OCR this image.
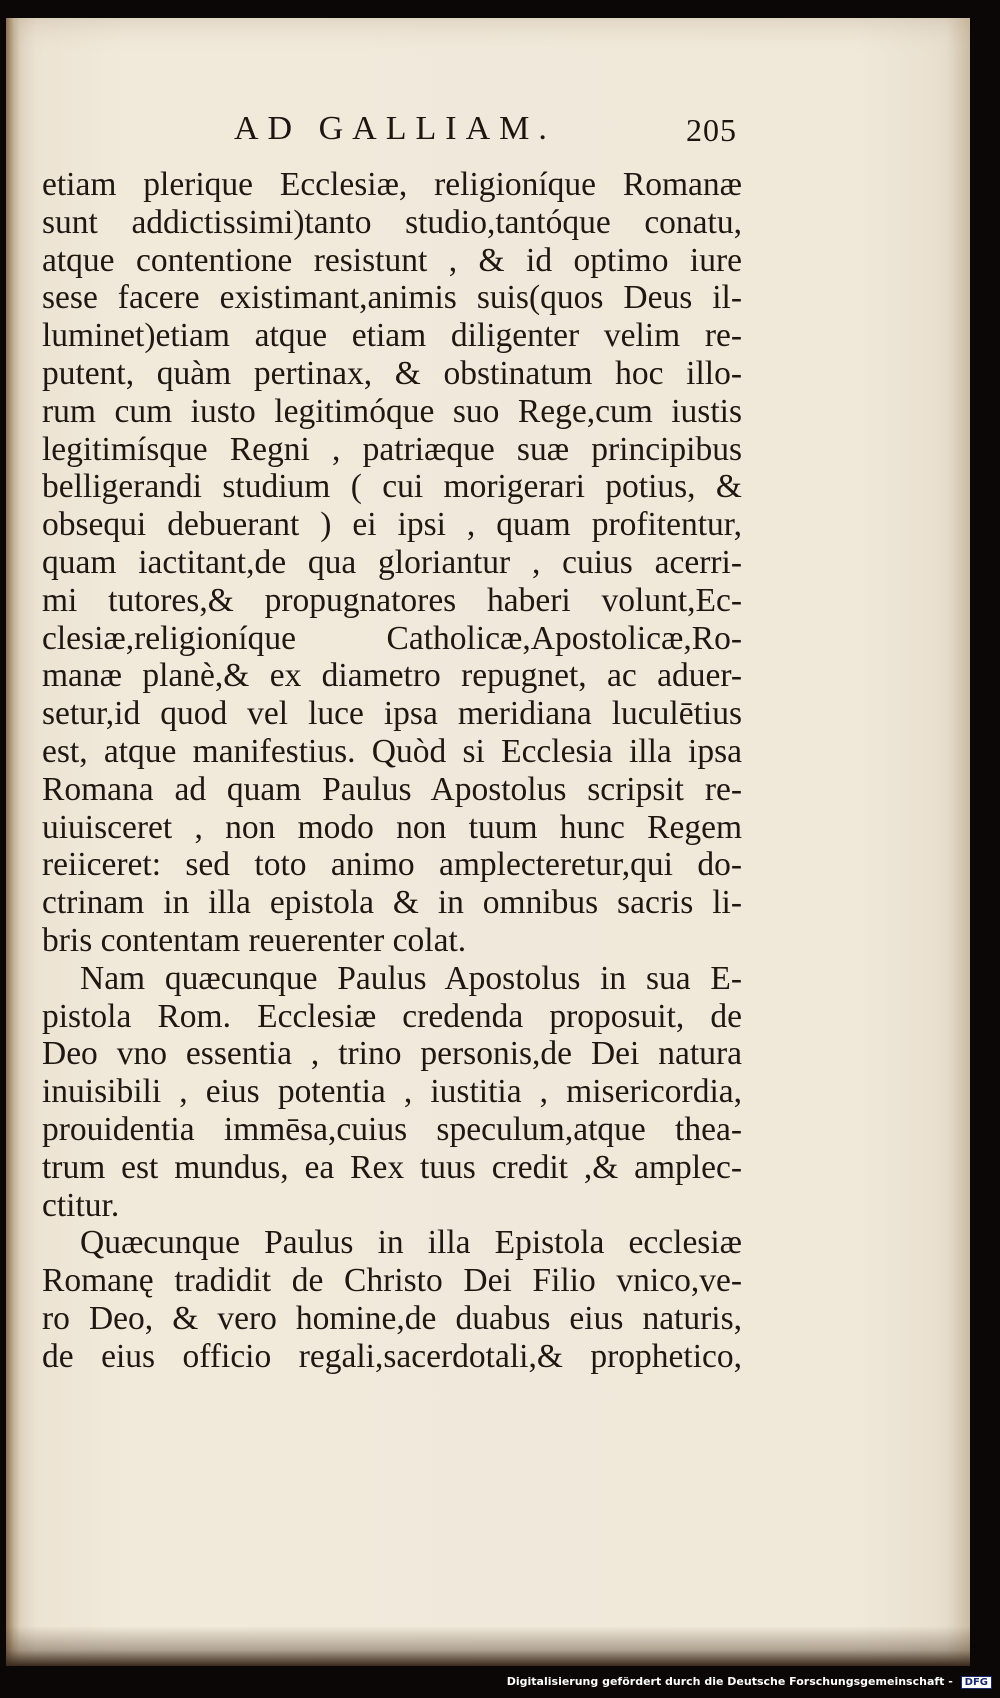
AD GALLIAM.	205
etiam plerique Ecclesiæ, religioníque Romanæ
sunt addictissimi)tanto studio,tantóque conatu,
atque contentione resistunt , & id optimo iure
sese facere existimant,animis suis(quos Deus il-
luminet)etiam atque etiam diligenter velim re-
putent, quàm pertinax, & obstinatum hoc illo-
rum cum iusto legitimóque suo Rege,cum iustis
legitimísque Regni , patriæque suæ principibus
belligerandi studium ( cui morigerari potius, &
obsequi debuerant ) ei ipsi , quam profitentur,
quam iactitant,de qua gloriantur , cuius acerri-
mi tutores,& propugnatores haberi volunt,Ec-
clesiæ,religioníque Catholicæ,Apostolicæ,Ro-
manæ planè,& ex diametro repugnet, ac aduer-
setur,id quod vel luce ipsa meridiana luculētius
est, atque manifestius. Quòd si Ecclesia illa ipsa
Romana ad quam Paulus Apostolus scripsit re-
uiuisceret , non modo non tuum hunc Regem
reiiceret: sed toto animo amplecteretur,qui do-
ctrinam in illa epistola & in omnibus sacris li-
bris contentam reuerenter colat.
Nam quæcunque Paulus Apostolus in sua E-
pistola Rom. Ecclesiæ credenda proposuit, de
Deo vno essentia , trino personis,de Dei natura
inuisibili , eius potentia , iustitia , misericordia,
prouidentia immēsa,cuius speculum,atque thea-
trum est mundus, ea Rex tuus credit ,& amplec-
ctitur.
Quæcunque Paulus in illa Epistola ecclesiæ
Romanę tradidit de Christo Dei Filio vnico,ve-
ro Deo, & vero homine,de duabus eius naturis,
de eius officio regali,sacerdotali,& prophetico,
Digitalisierung gefördert durch die Deutsche Forschungsgemeinschaft - DFG
